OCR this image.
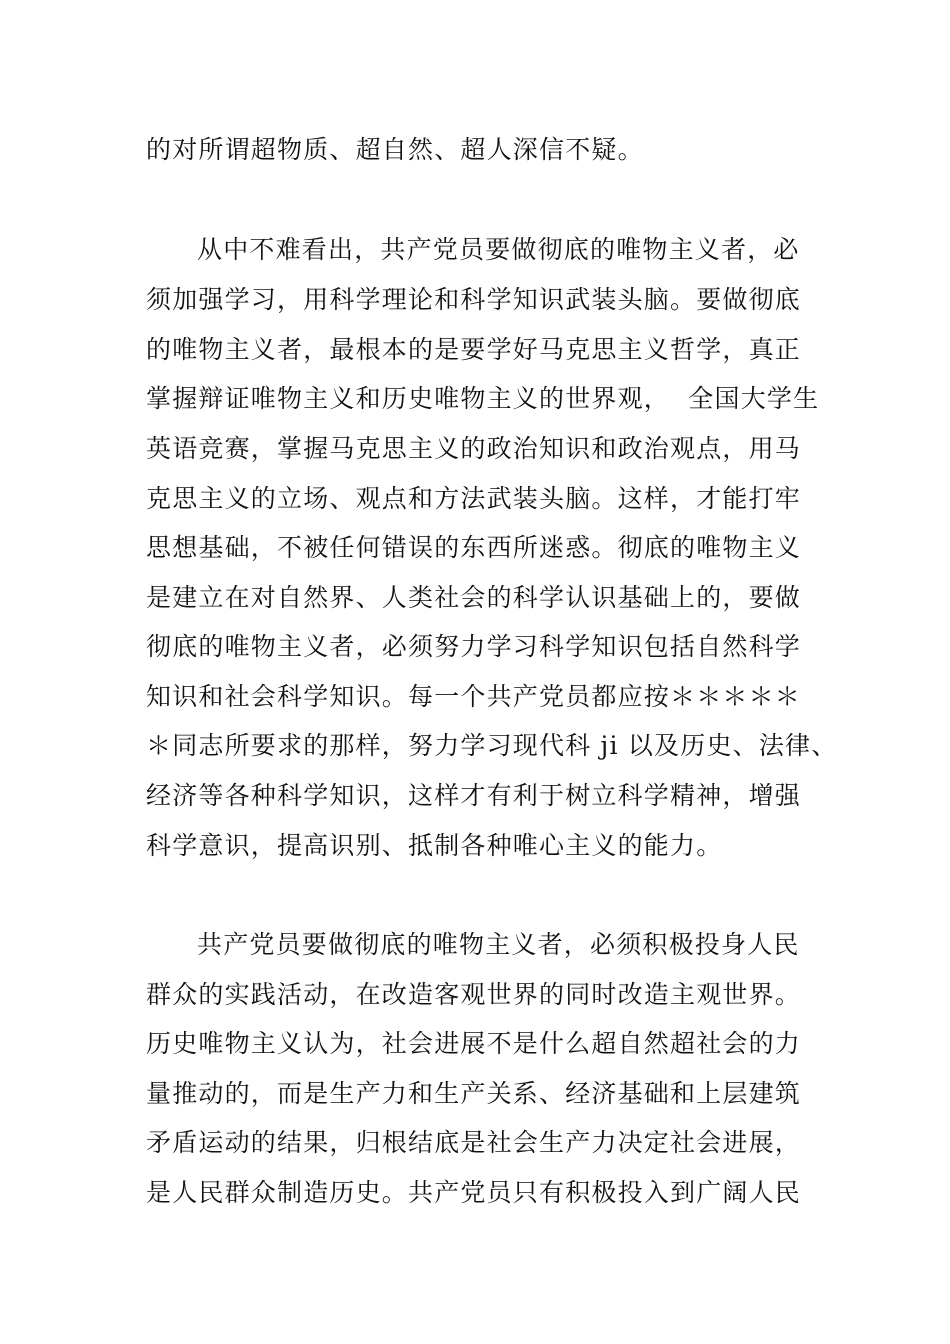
的对所谓超物质、超自然、超人深信不疑。

从中不难看出，共产党员要做彻底的唯物主义者，必

须加强学习，用科学理论和科学知识武装头脑。要做彻底

的唯物主义者，最根本的是要学好马克思主义哲学，真正

掌握辩证唯物主义和历史唯物主义的世界观，  全国大学生

英语竞赛，掌握马克思主义的政治知识和政治观点，用马

克思主义的立场、观点和方法武装头脑。这样，才能打牢

思想基础，不被任何错误的东西所迷惑。彻底的唯物主义

是建立在对自然界、人类社会的科学认识基础上的，要做

彻底的唯物主义者，必须努力学习科学知识包括自然科学

知识和社会科学知识。每一个共产党员都应按＊＊＊＊＊

＊同志所要求的那样，努力学习现代科 ji 以及历史、法律、

经济等各种科学知识，这样才有利于树立科学精神，增强

科学意识，提高识别、抵制各种唯心主义的能力。

共产党员要做彻底的唯物主义者，必须积极投身人民

群众的实践活动，在改造客观世界的同时改造主观世界。

历史唯物主义认为，社会进展不是什么超自然超社会的力

量推动的，而是生产力和生产关系、经济基础和上层建筑

矛盾运动的结果，归根结底是社会生产力决定社会进展，

是人民群众制造历史。共产党员只有积极投入到广阔人民
